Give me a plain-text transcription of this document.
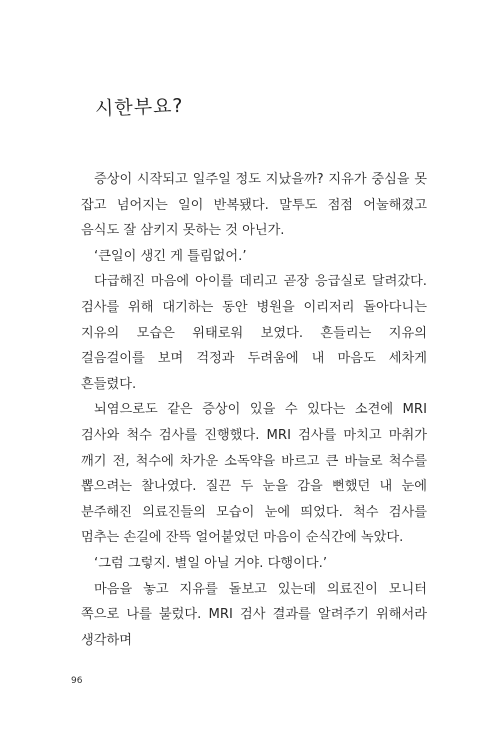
시한부요?

증상이 시작되고 일주일 정도 지났을까? 지유가 중심을 못 잡고 넘어지는 일이 반복됐다. 말투도 점점 어눌해졌고 음식도 잘 삼키지 못하는 것 아닌가.

‘큰일이 생긴 게 틀림없어.’

다급해진 마음에 아이를 데리고 곧장 응급실로 달려갔다. 검사를 위해 대기하는 동안 병원을 이리저리 돌아다니는 지유의 모습은 위태로워 보였다. 흔들리는 지유의 걸음걸이를 보며 걱정과 두려움에 내 마음도 세차게 흔들렸다.

뇌염으로도 같은 증상이 있을 수 있다는 소견에 MRI 검사와 척수 검사를 진행했다. MRI 검사를 마치고 마취가 깨기 전, 척수에 차가운 소독약을 바르고 큰 바늘로 척수를 뽑으려는 찰나였다. 질끈 두 눈을 감을 뻔했던 내 눈에 분주해진 의료진들의 모습이 눈에 띄었다. 척수 검사를 멈추는 손길에 잔뜩 얼어붙었던 마음이 순식간에 녹았다.

‘그럼 그렇지. 별일 아닐 거야. 다행이다.’

마음을 놓고 지유를 돌보고 있는데 의료진이 모니터 쪽으로 나를 불렀다. MRI 검사 결과를 알려주기 위해서라 생각하며

96
